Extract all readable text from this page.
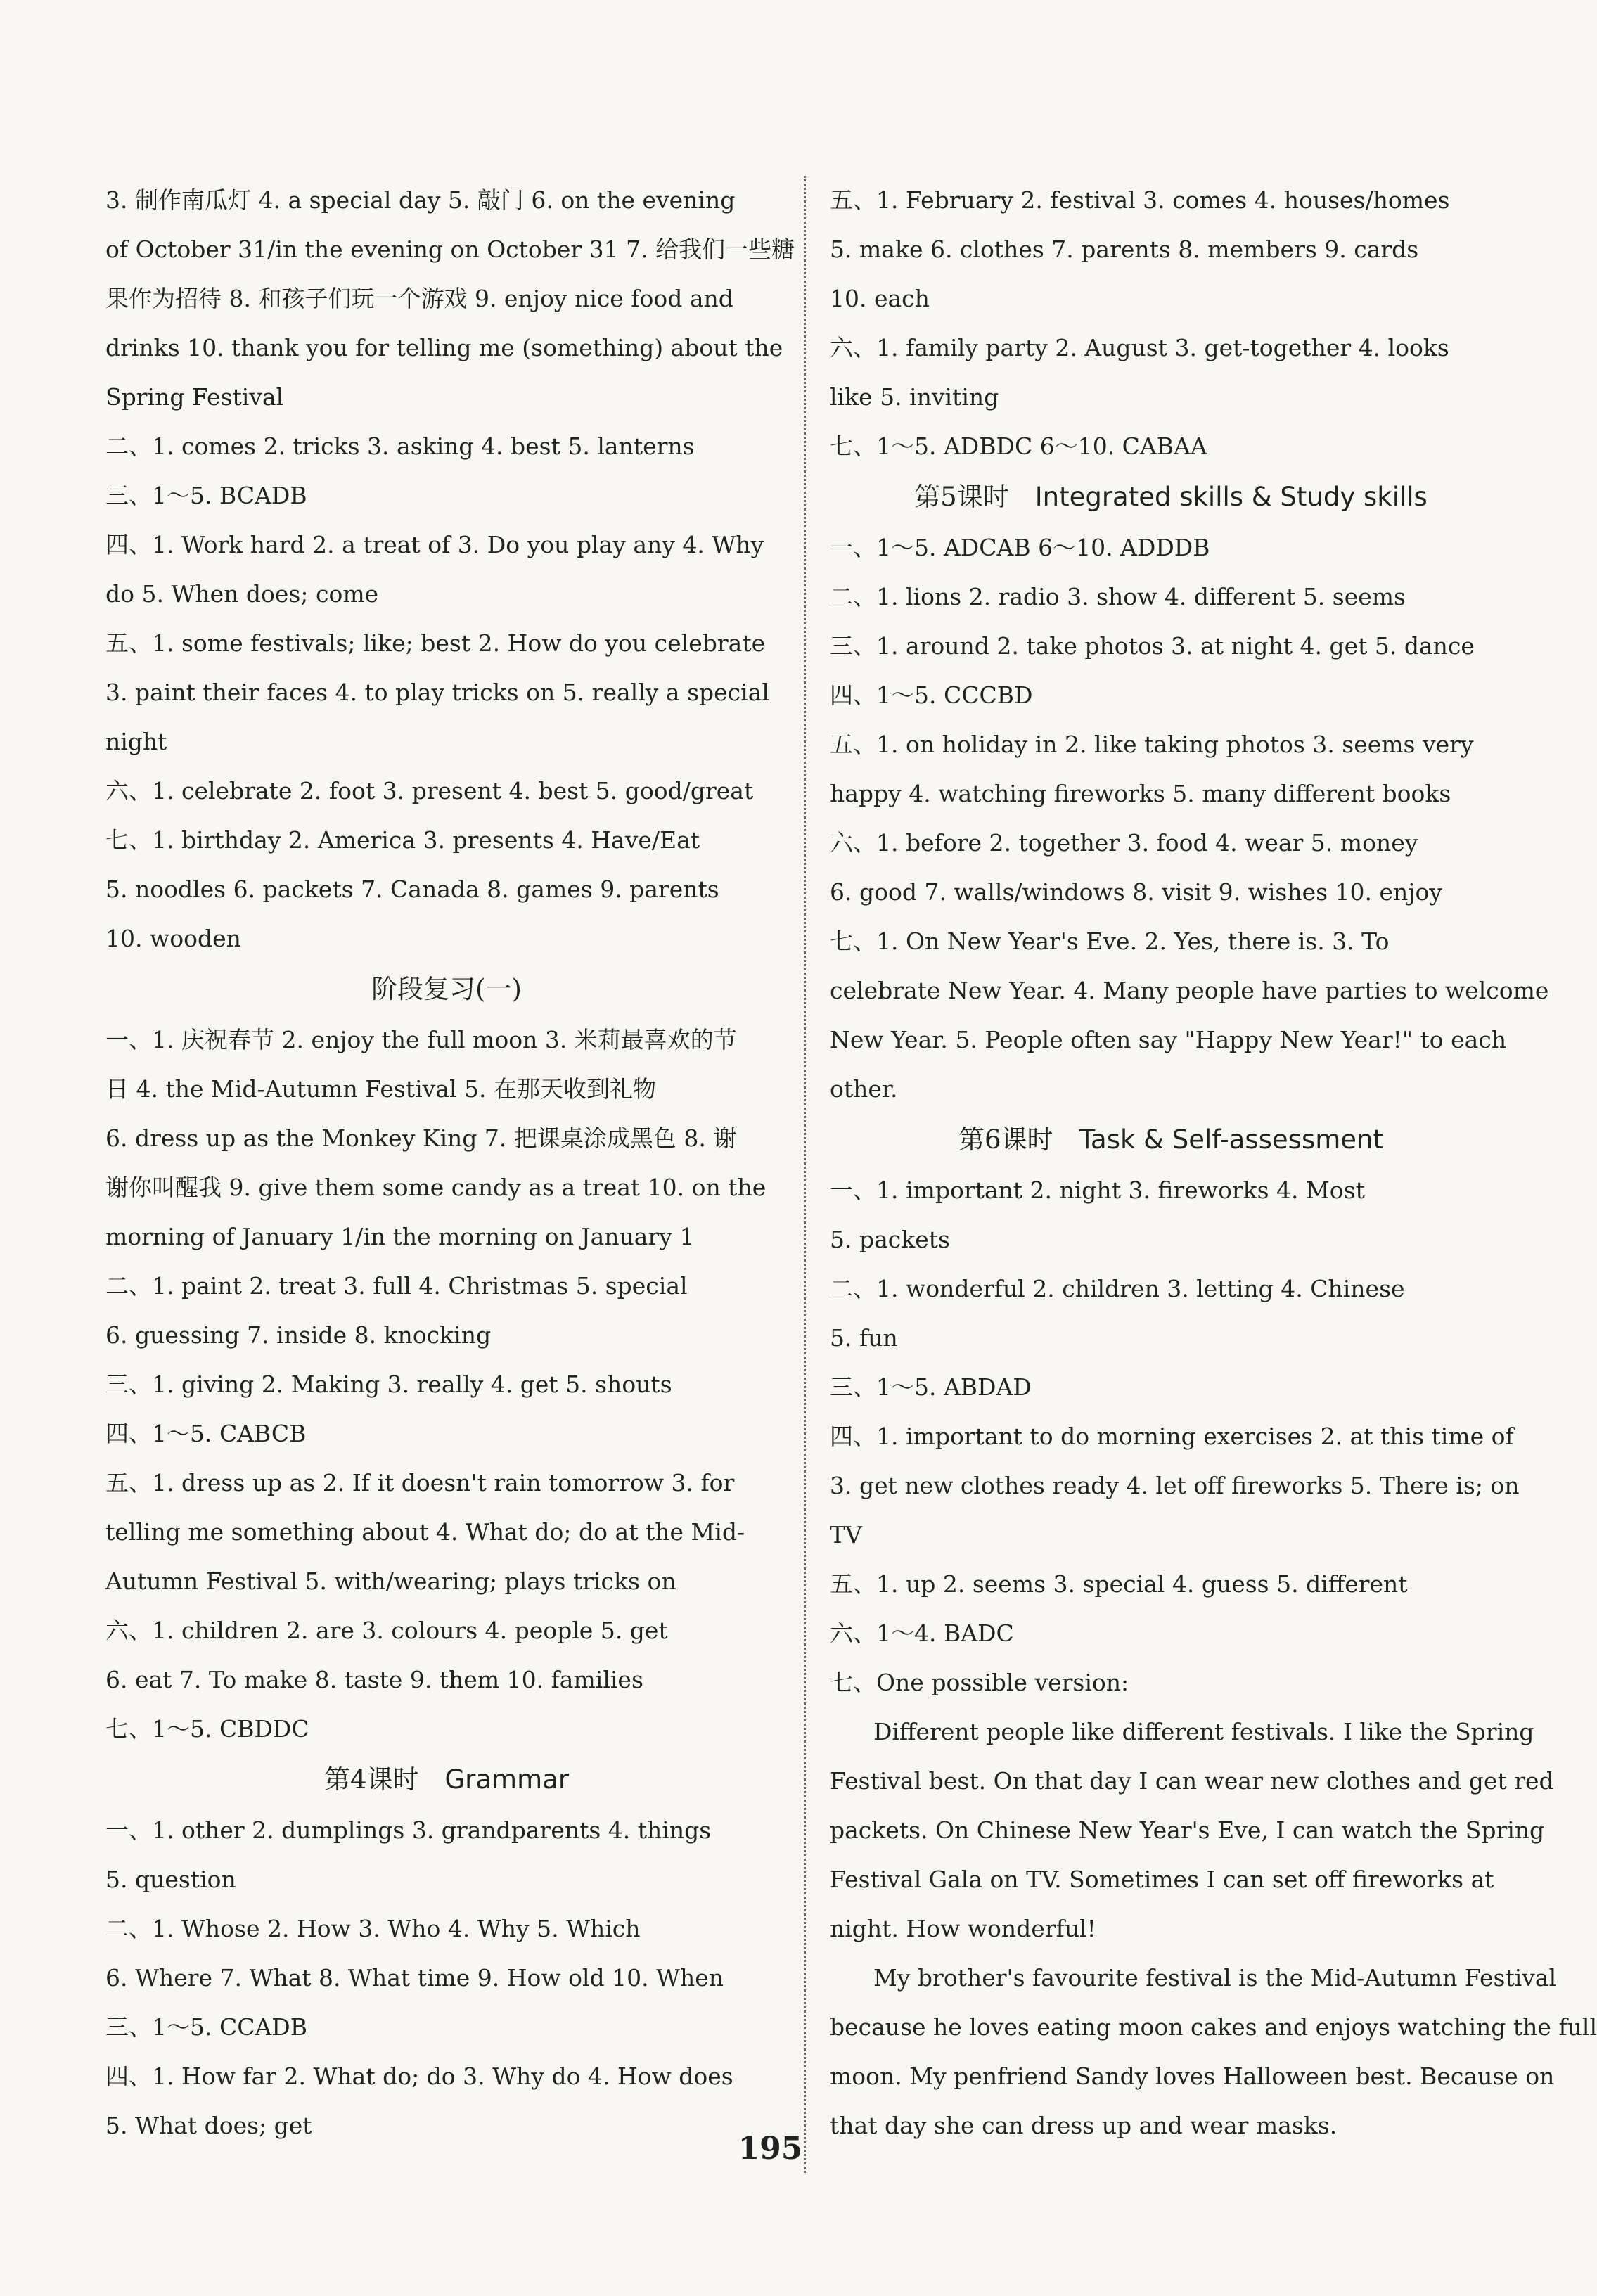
3. 制作南瓜灯 4. a special day 5. 敲门 6. on the evening
of October 31/in the evening on October 31 7. 给我们一些糖
果作为招待 8. 和孩子们玩一个游戏 9. enjoy nice food and
drinks 10. thank you for telling me (something) about the
Spring Festival
二、1. comes 2. tricks 3. asking 4. best 5. lanterns
三、1～5. BCADB
四、1. Work hard 2. a treat of 3. Do you play any 4. Why
do 5. When does; come
五、1. some festivals; like; best 2. How do you celebrate
3. paint their faces 4. to play tricks on 5. really a special
night
六、1. celebrate 2. foot 3. present 4. best 5. good/great
七、1. birthday 2. America 3. presents 4. Have/Eat
5. noodles 6. packets 7. Canada 8. games 9. parents
10. wooden
阶段复习(一)
一、1. 庆祝春节 2. enjoy the full moon 3. 米莉最喜欢的节
日 4. the Mid-Autumn Festival 5. 在那天收到礼物
6. dress up as the Monkey King 7. 把课桌涂成黑色 8. 谢
谢你叫醒我 9. give them some candy as a treat 10. on the
morning of January 1/in the morning on January 1
二、1. paint 2. treat 3. full 4. Christmas 5. special
6. guessing 7. inside 8. knocking
三、1. giving 2. Making 3. really 4. get 5. shouts
四、1～5. CABCB
五、1. dress up as 2. If it doesn't rain tomorrow 3. for
telling me something about 4. What do; do at the Mid-
Autumn Festival 5. with/wearing; plays tricks on
六、1. children 2. are 3. colours 4. people 5. get
6. eat 7. To make 8. taste 9. them 10. families
七、1～5. CBDDC
第4课时  Grammar
一、1. other 2. dumplings 3. grandparents 4. things
5. question
二、1. Whose 2. How 3. Who 4. Why 5. Which
6. Where 7. What 8. What time 9. How old 10. When
三、1～5. CCADB
四、1. How far 2. What do; do 3. Why do 4. How does
5. What does; get
五、1. February 2. festival 3. comes 4. houses/homes
5. make 6. clothes 7. parents 8. members 9. cards
10. each
六、1. family party 2. August 3. get-together 4. looks
like 5. inviting
七、1～5. ADBDC 6～10. CABAA
第5课时  Integrated skills & Study skills
一、1～5. ADCAB 6～10. ADDDB
二、1. lions 2. radio 3. show 4. different 5. seems
三、1. around 2. take photos 3. at night 4. get 5. dance
四、1～5. CCCBD
五、1. on holiday in 2. like taking photos 3. seems very
happy 4. watching fireworks 5. many different books
六、1. before 2. together 3. food 4. wear 5. money
6. good 7. walls/windows 8. visit 9. wishes 10. enjoy
七、1. On New Year's Eve. 2. Yes, there is. 3. To
celebrate New Year. 4. Many people have parties to welcome
New Year. 5. People often say "Happy New Year!" to each
other.
第6课时  Task & Self-assessment
一、1. important 2. night 3. fireworks 4. Most
5. packets
二、1. wonderful 2. children 3. letting 4. Chinese
5. fun
三、1～5. ABDAD
四、1. important to do morning exercises 2. at this time of
3. get new clothes ready 4. let off fireworks 5. There is; on
TV
五、1. up 2. seems 3. special 4. guess 5. different
六、1～4. BADC
七、One possible version:
Different people like different festivals. I like the Spring
Festival best. On that day I can wear new clothes and get red
packets. On Chinese New Year's Eve, I can watch the Spring
Festival Gala on TV. Sometimes I can set off fireworks at
night. How wonderful!
My brother's favourite festival is the Mid-Autumn Festival
because he loves eating moon cakes and enjoys watching the full
moon. My penfriend Sandy loves Halloween best. Because on
that day she can dress up and wear masks.
195
